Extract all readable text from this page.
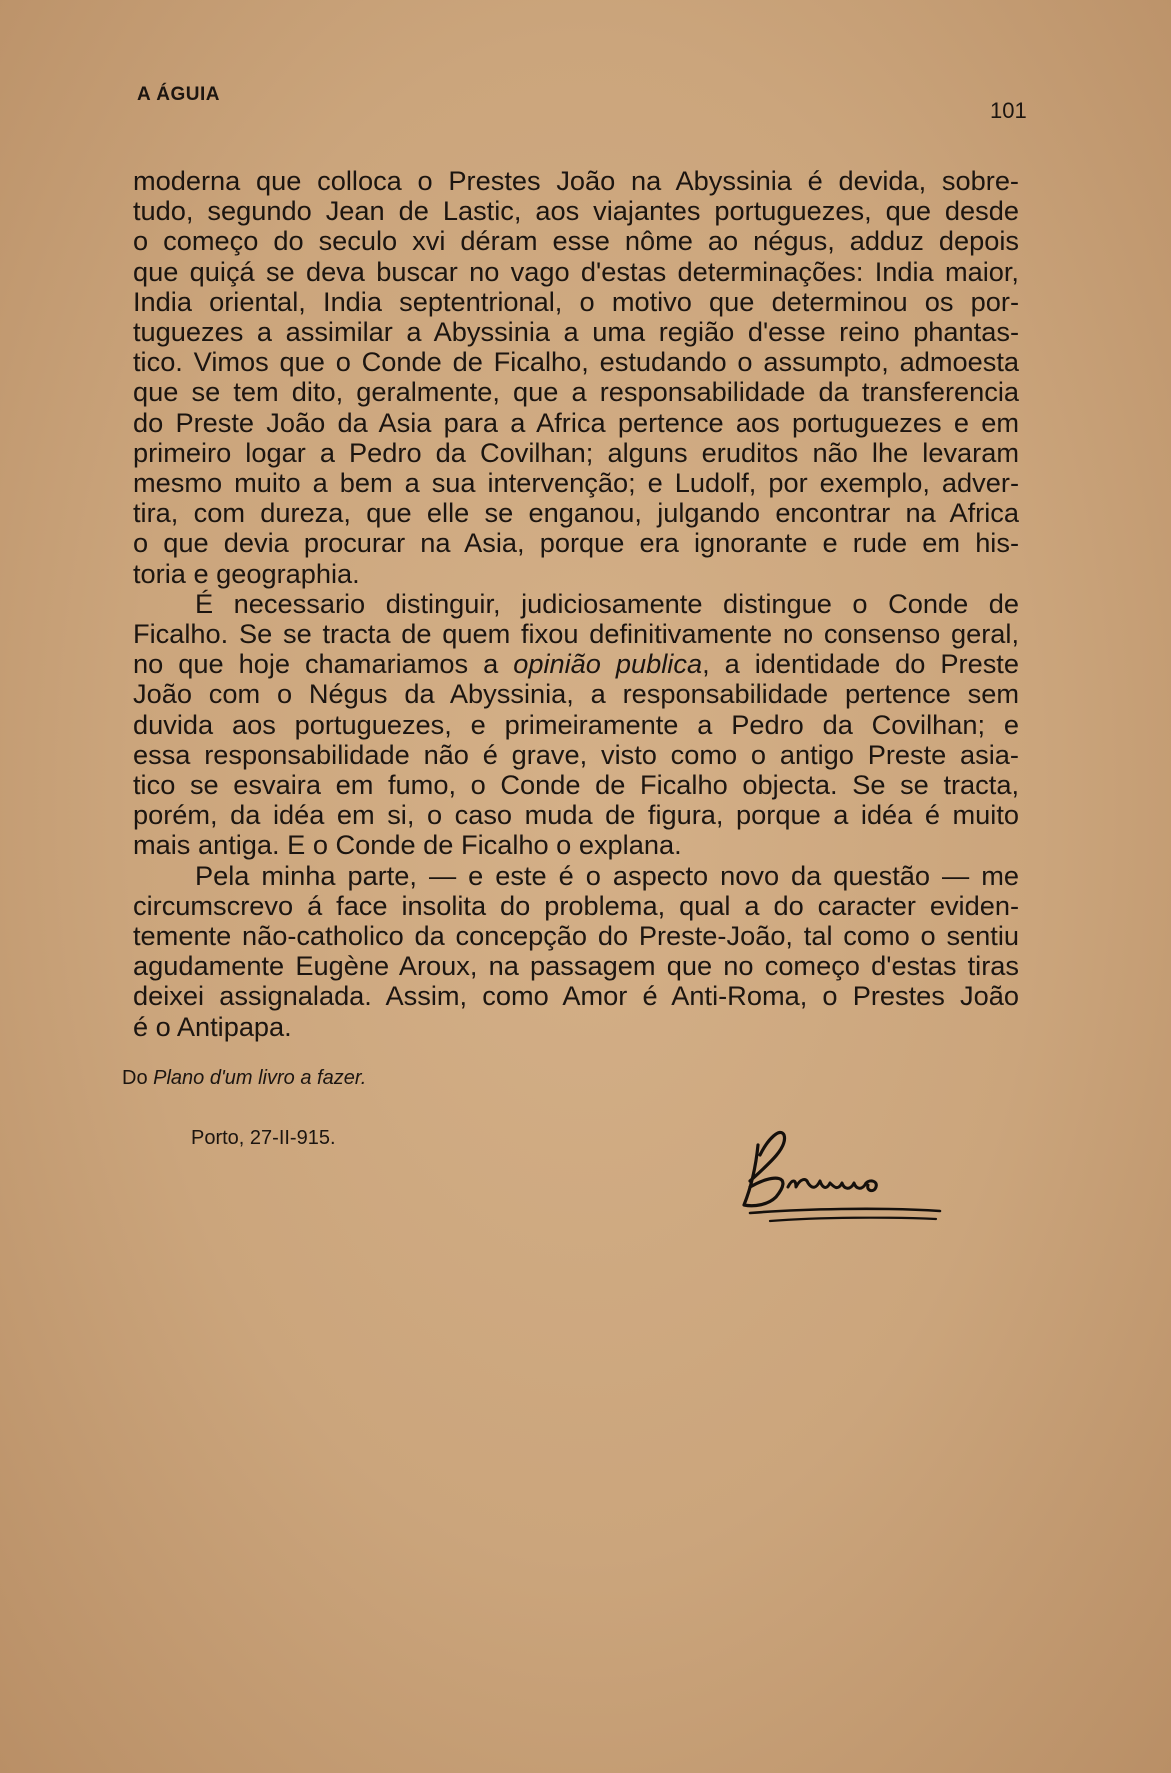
A ÁGUIA
101
moderna que colloca o Prestes João na Abyssinia é devida, sobre-
tudo, segundo Jean de Lastic, aos viajantes portuguezes, que desde
o começo do seculo xvi déram esse nôme ao négus, adduz depois
que quiçá se deva buscar no vago d'estas determinações: India maior,
India oriental, India septentrional, o motivo que determinou os por-
tuguezes a assimilar a Abyssinia a uma região d'esse reino phantas-
tico. Vimos que o Conde de Ficalho, estudando o assumpto, admoesta
que se tem dito, geralmente, que a responsabilidade da transferencia
do Preste João da Asia para a Africa pertence aos portuguezes e em
primeiro logar a Pedro da Covilhan; alguns eruditos não lhe levaram
mesmo muito a bem a sua intervenção; e Ludolf, por exemplo, adver-
tira, com dureza, que elle se enganou, julgando encontrar na Africa
o que devia procurar na Asia, porque era ignorante e rude em his-
toria e geographia.
É necessario distinguir, judiciosamente distingue o Conde de
Ficalho. Se se tracta de quem fixou definitivamente no consenso geral,
no que hoje chamariamos a opinião publica, a identidade do Preste
João com o Négus da Abyssinia, a responsabilidade pertence sem
duvida aos portuguezes, e primeiramente a Pedro da Covilhan; e
essa responsabilidade não é grave, visto como o antigo Preste asia-
tico se esvaira em fumo, o Conde de Ficalho objecta. Se se tracta,
porém, da idéa em si, o caso muda de figura, porque a idéa é muito
mais antiga. E o Conde de Ficalho o explana.
Pela minha parte, — e este é o aspecto novo da questão — me
circumscrevo á face insolita do problema, qual a do caracter eviden-
temente não-catholico da concepção do Preste-João, tal como o sentiu
agudamente Eugène Aroux, na passagem que no começo d'estas tiras
deixei assignalada. Assim, como Amor é Anti-Roma, o Prestes João
é o Antipapa.
Do Plano d'um livro a fazer.
Porto, 27-II-915.
